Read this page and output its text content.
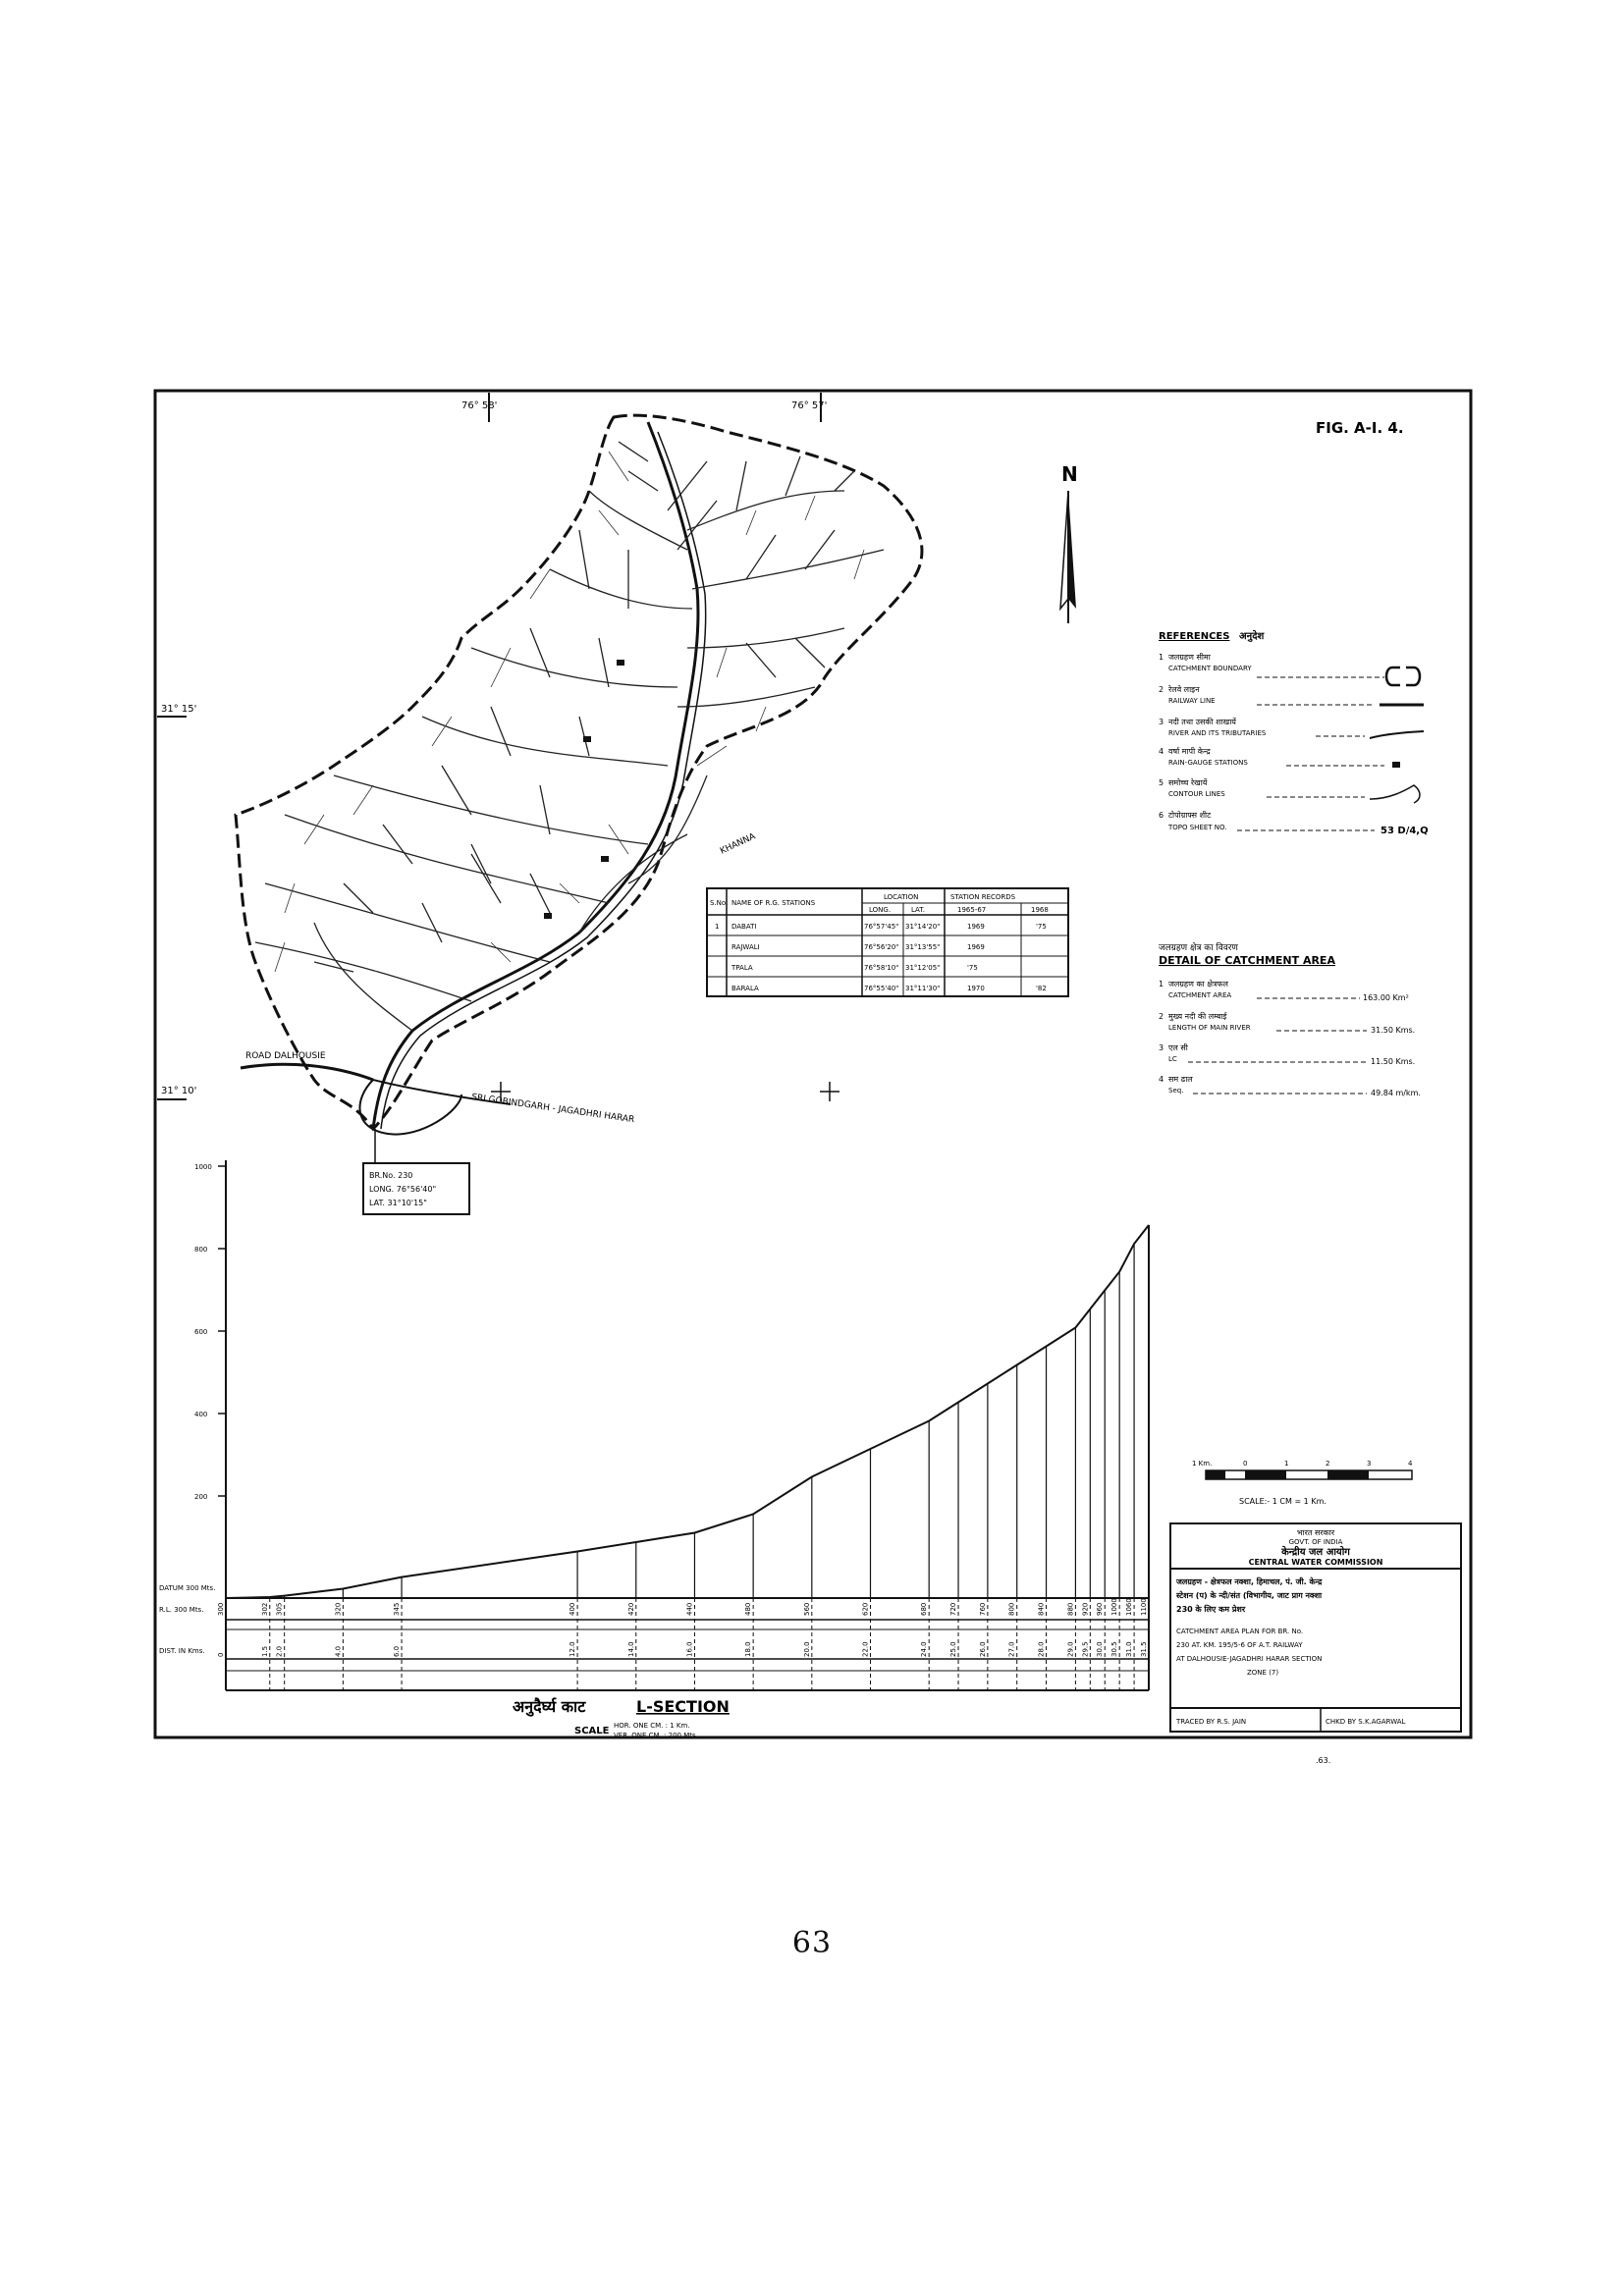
FIG. A-I. 4.
76° 58'	76° 57'
31° 15'
31° 10'
ROAD DALHOUSIE
SRI GOBINDGARH - JAGADHRI HARAR
KHANNA
BR.No. 230
LONG. 76°56'40"
LAT. 31°10'15"
N
REFERENCES अनुदेश
1 जलग्रहण सीमा
CATCHMENT BOUNDARY
2 रेलवे लाइन
RAILWAY LINE
3 नदी तथा उसकी शाखायें
RIVER AND ITS TRIBUTARIES
4 वर्षा मापी केन्द्र
RAIN-GAUGE STATIONS
5 समोच्च रेखायें
CONTOUR LINES
6 टोपोग्राफ्स शीट
TOPO SHEET NO.	53 D/4,Q
जलग्रहण क्षेत्र का विवरण
DETAIL OF CATCHMENT AREA
1 जलग्रहण का क्षेत्रफल
CATCHMENT AREA	163.00 Km²
2 मुख्य नदी की लम्बाई
LENGTH OF MAIN RIVER	31.50 Kms.
3 एल सी
LC	11.50 Kms.
4 सम ढाल
Seq.	49.84 m/km.
S.No. NAME OF R.G. STATIONS
LOCATION
LONG.	LAT.
STATION RECORDS
1965-67	1968
1 DABATI	76°57'45" 31°14'20"	1969	'75
RAJWALI	76°56'20" 31°13'55"	1969
TPALA	76°58'10" 31°12'05"	'75
BARALA	76°55'40" 31°11'30"	1970	'82
1000
800
600
400
200
DATUM 300 Mts.
R.L. 300 Mts.
DIST. IN Kms.
300	302 305	320	345	400	420	440	480	560	620	680	720	760	800	840	880 920 960 1000 1060 1100
0	1.5 2.0	4.0	6.0	12.0	14.0	16.0	18.0	20.0	22.0	24.0	25.0	26.0	27.0	28.0	29.0 29.5 30.0 30.5 31.0 31.5
अनुदैर्घ्य काट	L-SECTION
SCALE HOR. ONE CM. : 1 Km.
VER. ONE CM. : 200 Mts.
1 Km.	0	1	2	3	4
SCALE:- 1 CM = 1 Km.
भारत सरकार
GOVT. OF INDIA
केन्द्रीय जल आयोग
CENTRAL WATER COMMISSION
जलग्रहण - क्षेत्रफल नक्शा, हिमाचल, पं. जी. केन्द्र
स्टेशन (प) के न्दी/संत (विभागीय, जाट प्राग नक्शा
230 के लिए कम प्रेशर
CATCHMENT AREA PLAN FOR BR. No.
230 AT. KM. 195/5-6 OF A.T. RAILWAY
AT DALHOUSIE-JAGADHRI HARAR SECTION
ZONE (7)
TRACED BY R.S. JAIN	CHKD BY S.K.AGARWAL
.63.
63
